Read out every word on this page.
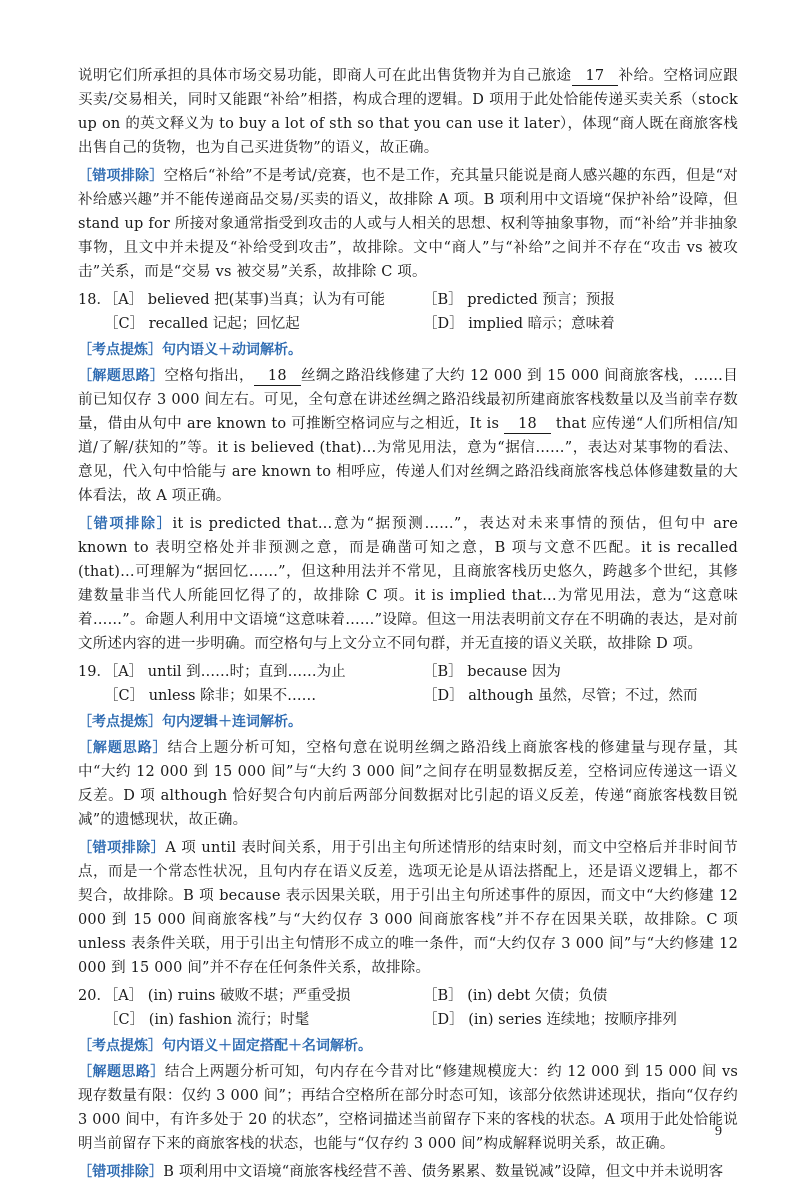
说明它们所承担的具体市场交易功能，即商人可在此出售货物并为自己旅途 17 补给。空格词应跟买卖/交易相关，同时又能跟“补给”相搭，构成合理的逻辑。D 项用于此处恰能传递买卖关系（stock up on 的英文释义为 to buy a lot of sth so that you can use it later），体现“商人既在商旅客栈出售自己的货物，也为自己买进货物”的语义，故正确。

［错项排除］空格后“补给”不是考试/竞赛，也不是工作，充其量只能说是商人感兴趣的东西，但是“对补给感兴趣”并不能传递商品交易/买卖的语义，故排除 A 项。B 项利用中文语境“保护补给”设障，但 stand up for 所接对象通常指受到攻击的人或与人相关的思想、权利等抽象事物，而“补给”并非抽象事物，且文中并未提及“补给受到攻击”，故排除。文中“商人”与“补给”之间并不存在“攻击 vs 被攻击”关系，而是“交易 vs 被交易”关系，故排除 C 项。

18．［A］ believed 把(某事)当真；认为有可能	［B］ predicted 预言；预报
［C］ recalled 记起；回忆起	［D］ implied 暗示；意味着
［考点提炼］句内语义＋动词解析。

［解题思路］空格句指出， 18 丝绸之路沿线修建了大约 12 000 到 15 000 间商旅客栈，……目前已知仅存 3 000 间左右。可见，全句意在讲述丝绸之路沿线最初所建商旅客栈数量以及当前幸存数量，借由从句中 are known to 可推断空格词应与之相近，It is 18 that 应传递“人们所相信/知道/了解/获知的”等。it is believed (that)…为常见用法，意为“据信……”，表达对某事物的看法、意见，代入句中恰能与 are known to 相呼应，传递人们对丝绸之路沿线商旅客栈总体修建数量的大体看法，故 A 项正确。

［错项排除］it is predicted that…意为“据预测……”，表达对未来事情的预估，但句中 are known to 表明空格处并非预测之意，而是确凿可知之意，B 项与文意不匹配。it is recalled (that)…可理解为“据回忆……”，但这种用法并不常见，且商旅客栈历史悠久，跨越多个世纪，其修建数量非当代人所能回忆得了的，故排除 C 项。it is implied that…为常见用法，意为“这意味着……”。命题人利用中文语境“这意味着……”设障。但这一用法表明前文存在不明确的表达，是对前文所述内容的进一步明确。而空格句与上文分立不同句群，并无直接的语义关联，故排除 D 项。

19．［A］ until 到……时；直到……为止	［B］ because 因为
［C］ unless 除非；如果不……	［D］ although 虽然，尽管；不过，然而
［考点提炼］句内逻辑＋连词解析。

［解题思路］结合上题分析可知，空格句意在说明丝绸之路沿线上商旅客栈的修建量与现存量，其中“大约 12 000 到 15 000 间”与“大约 3 000 间”之间存在明显数据反差，空格词应传递这一语义反差。D 项 although 恰好契合句内前后两部分间数据对比引起的语义反差，传递“商旅客栈数目锐减”的遗憾现状，故正确。

［错项排除］A 项 until 表时间关系，用于引出主句所述情形的结束时刻，而文中空格后并非时间节点，而是一个常态性状况，且句内存在语义反差，选项无论是从语法搭配上，还是语义逻辑上，都不契合，故排除。B 项 because 表示因果关联，用于引出主句所述事件的原因，而文中“大约修建 12 000 到 15 000 间商旅客栈”与“大约仅存 3 000 间商旅客栈”并不存在因果关联，故排除。C 项 unless 表条件关联，用于引出主句情形不成立的唯一条件，而“大约仅存 3 000 间”与“大约修建 12 000 到 15 000 间”并不存在任何条件关系，故排除。

20．［A］ (in) ruins 破败不堪；严重受损	［B］ (in) debt 欠债；负债
［C］ (in) fashion 流行；时髦	［D］ (in) series 连续地；按顺序排列
［考点提炼］句内语义＋固定搭配＋名词解析。

［解题思路］结合上两题分析可知，句内存在今昔对比“修建规模庞大：约 12 000 到 15 000 间 vs 现存数量有限：仅约 3 000 间”；再结合空格所在部分时态可知，该部分依然讲述现状，指向“仅存约 3 000 间中，有许多处于 20 的状态”，空格词描述当前留存下来的客栈的状态。A 项用于此处恰能说明当前留存下来的商旅客栈的状态，也能与“仅存约 3 000 间”构成解释说明关系，故正确。

［错项排除］B 项利用中文语境“商旅客栈经营不善、债务累累、数量锐减”设障，但文中并未说明客

9
